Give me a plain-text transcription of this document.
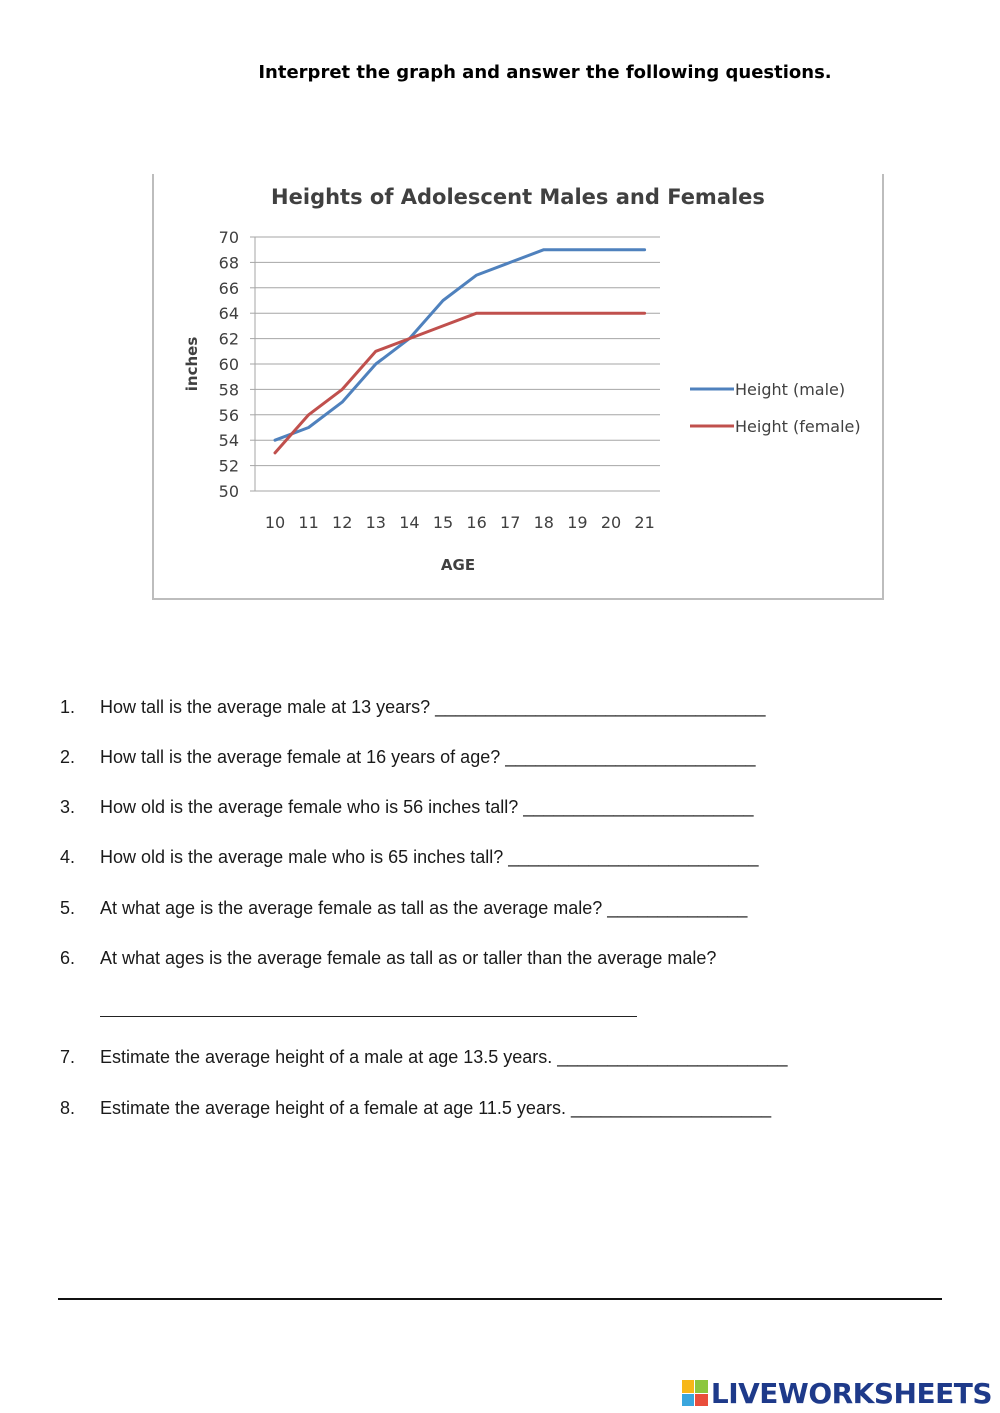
Interpret the graph and answer the following questions.
Heights of Adolescent Males and Females
70
68
66
64
62
60
58
56
54
52
50
10 11 12 13 14 15 16 17 18 19 20 21
AGE
inches	Height (male)
Height (female)
1. How tall is the average male at 13 years? _________________________________
2. How tall is the average female at 16 years of age? _________________________
3. How old is the average female who is 56 inches tall? _______________________
4. How old is the average male who is 65 inches tall? _________________________
5. At what age is the average female as tall as the average male? ______________
6. At what ages is the average female as tall as or taller than the average male?
7. Estimate the average height of a male at age 13.5 years. _______________________
8. Estimate the average height of a female at age 11.5 years. ____________________
LIVEWORKSHEETS
